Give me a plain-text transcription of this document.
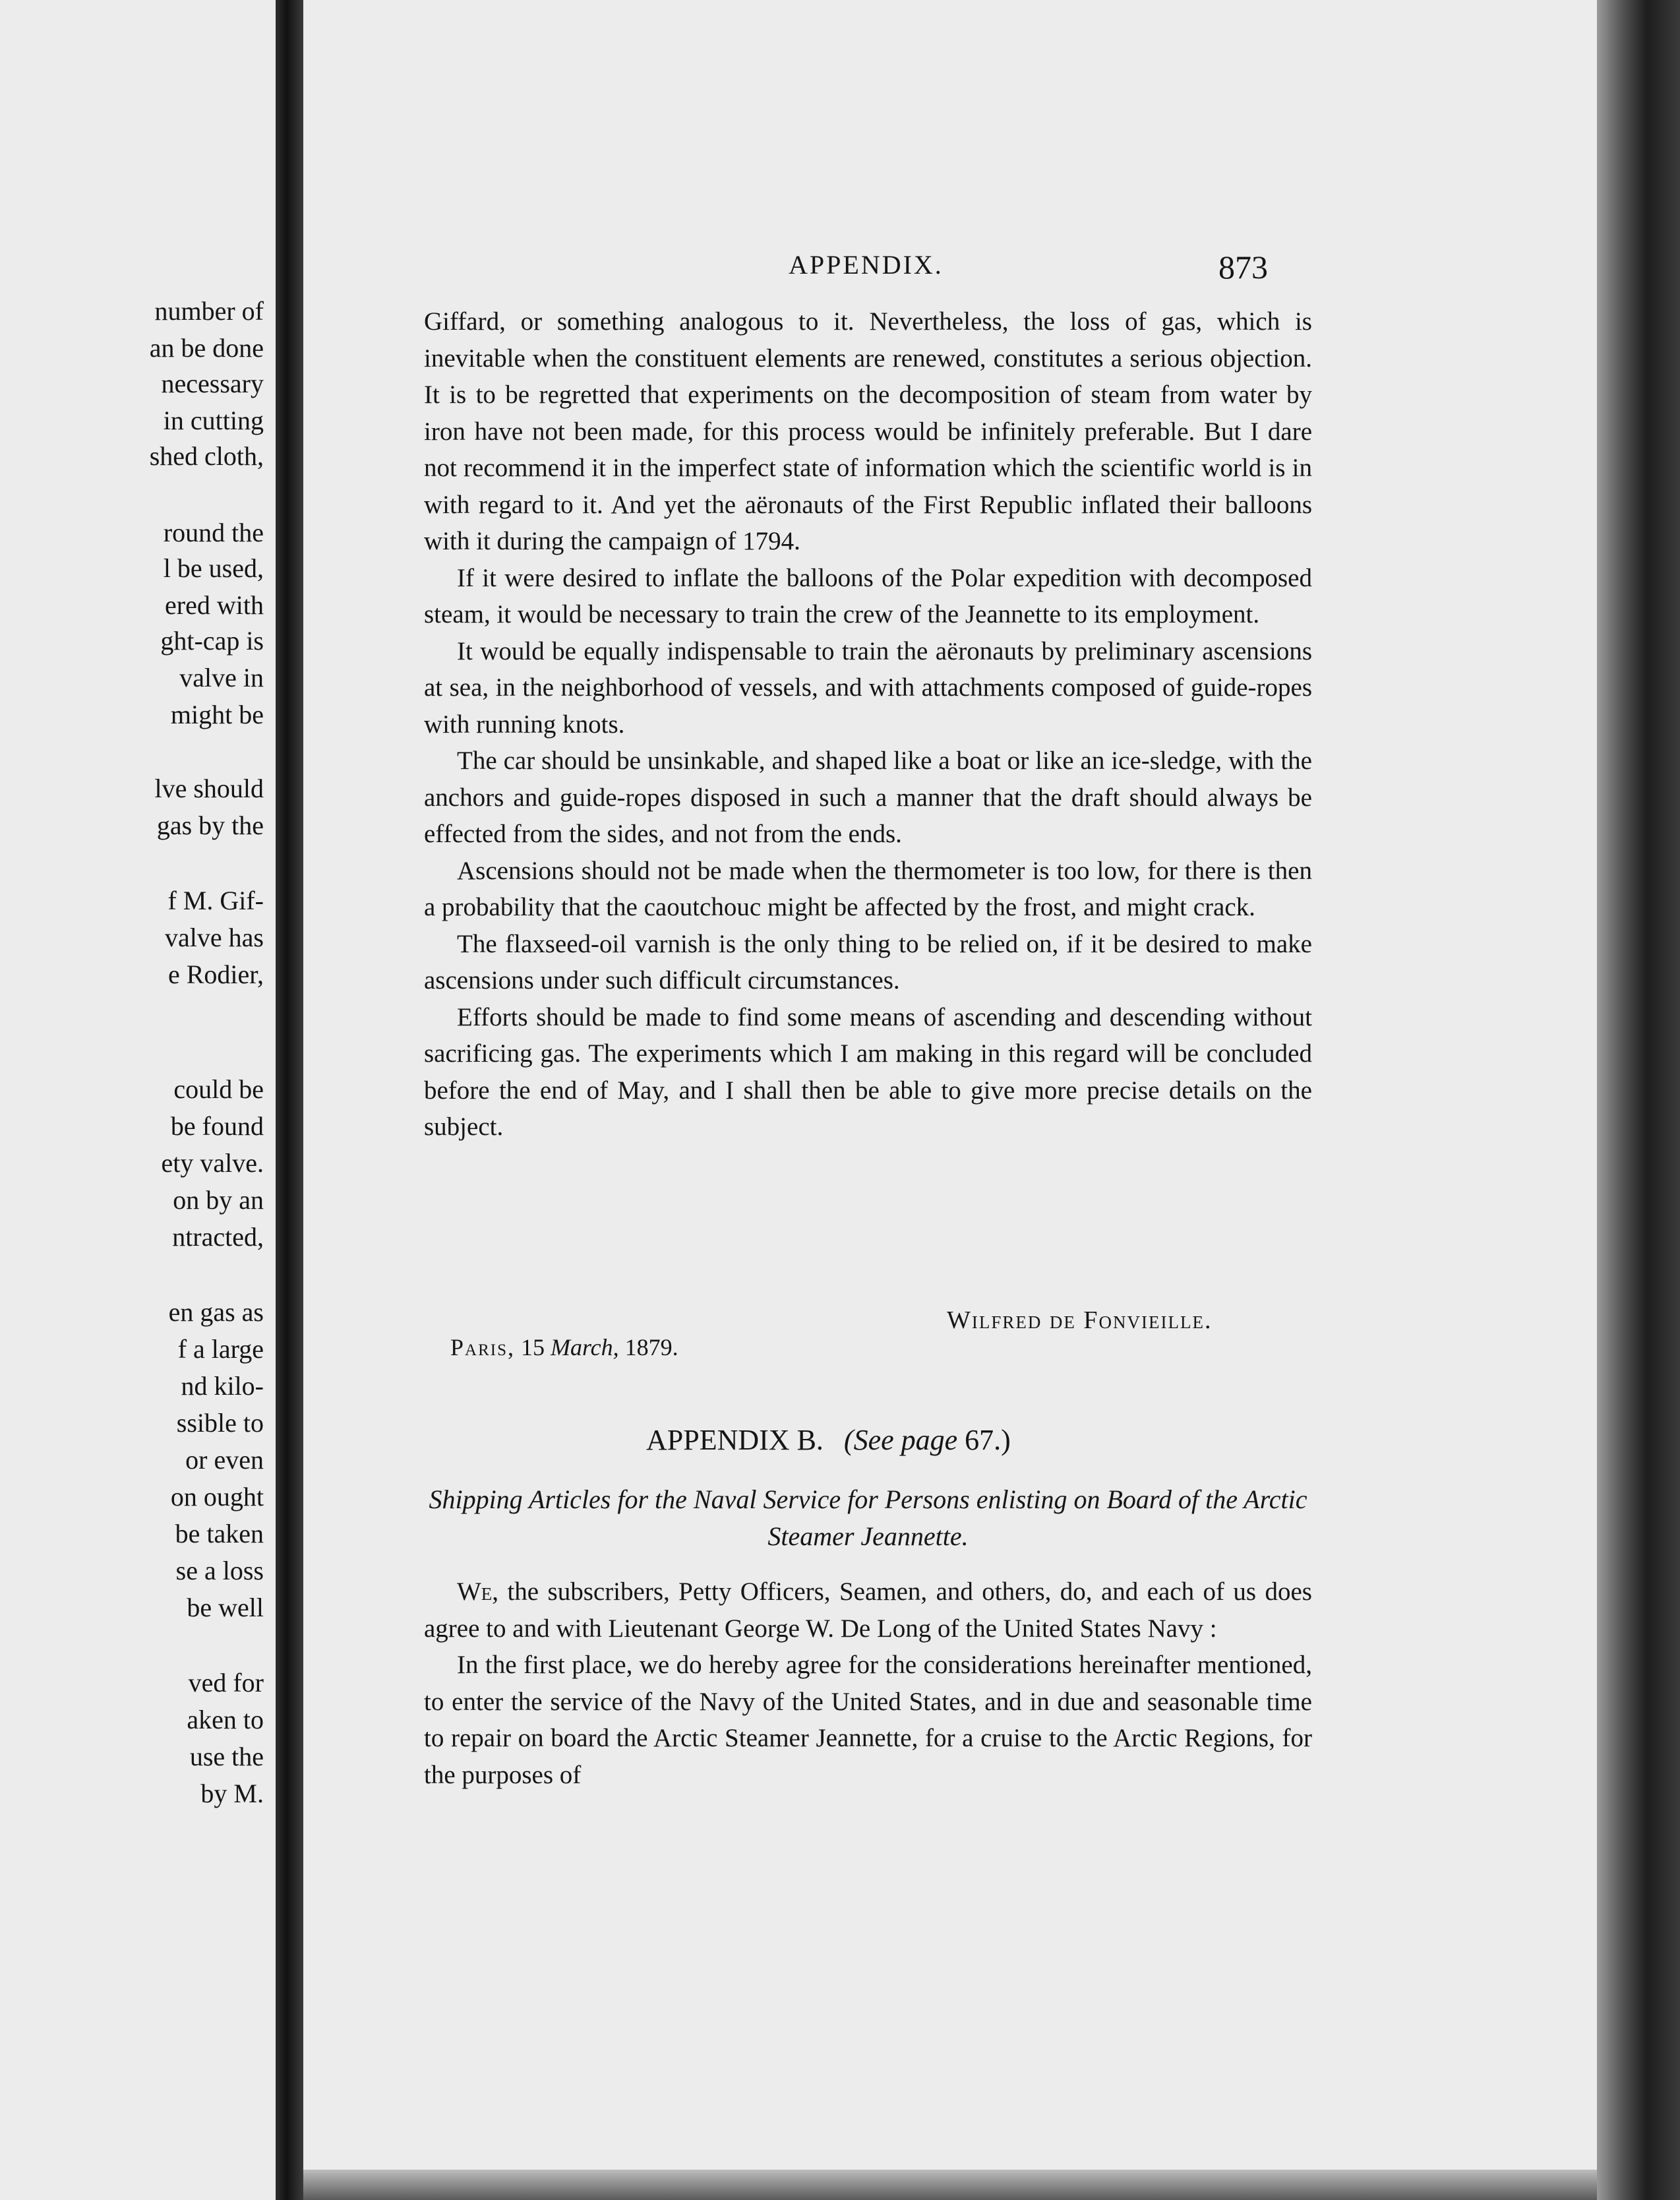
number of
an be done
necessary
in cutting
shed cloth,
round the
l be used,
ered with
ght-cap is
valve in
might be
lve should
gas by the
f M. Gif-
valve has
e Rodier,
could be
be found
ety valve.
on by an
ntracted,
en gas as
f a large
nd kilo-
ssible to
or even
on ought
be taken
se a loss
be well
ved for
aken to
use the
by M.
APPENDIX.	873

Giffard, or something analogous to it. Nevertheless, the loss of gas, which is inevitable when the constituent elements are renewed, constitutes a serious objection. It is to be regretted that experiments on the decomposition of steam from water by iron have not been made, for this process would be infinitely preferable. But I dare not recommend it in the imperfect state of information which the scientific world is in with regard to it. And yet the aëronauts of the First Republic inflated their balloons with it during the campaign of 1794.

If it were desired to inflate the balloons of the Polar expedition with decomposed steam, it would be necessary to train the crew of the Jeannette to its employment.

It would be equally indispensable to train the aëronauts by preliminary ascensions at sea, in the neighborhood of vessels, and with attachments composed of guide-ropes with running knots.

The car should be unsinkable, and shaped like a boat or like an ice-sledge, with the anchors and guide-ropes disposed in such a manner that the draft should always be effected from the sides, and not from the ends.

Ascensions should not be made when the thermometer is too low, for there is then a probability that the caoutchouc might be affected by the frost, and might crack.

The flaxseed-oil varnish is the only thing to be relied on, if it be desired to make ascensions under such difficult circumstances.

Efforts should be made to find some means of ascending and descending without sacrificing gas. The experiments which I am making in this regard will be concluded before the end of May, and I shall then be able to give more precise details on the subject.

Wilfred de Fonvieille.
Paris, 15 March, 1879.
APPENDIX B. (See page 67.)
Shipping Articles for the Naval Service for Persons enlisting on Board of the Arctic Steamer Jeannette.

We, the subscribers, Petty Officers, Seamen, and others, do, and each of us does agree to and with Lieutenant George W. De Long of the United States Navy :

In the first place, we do hereby agree for the considerations hereinafter mentioned, to enter the service of the Navy of the United States, and in due and seasonable time to repair on board the Arctic Steamer Jeannette, for a cruise to the Arctic Regions, for the purposes of
